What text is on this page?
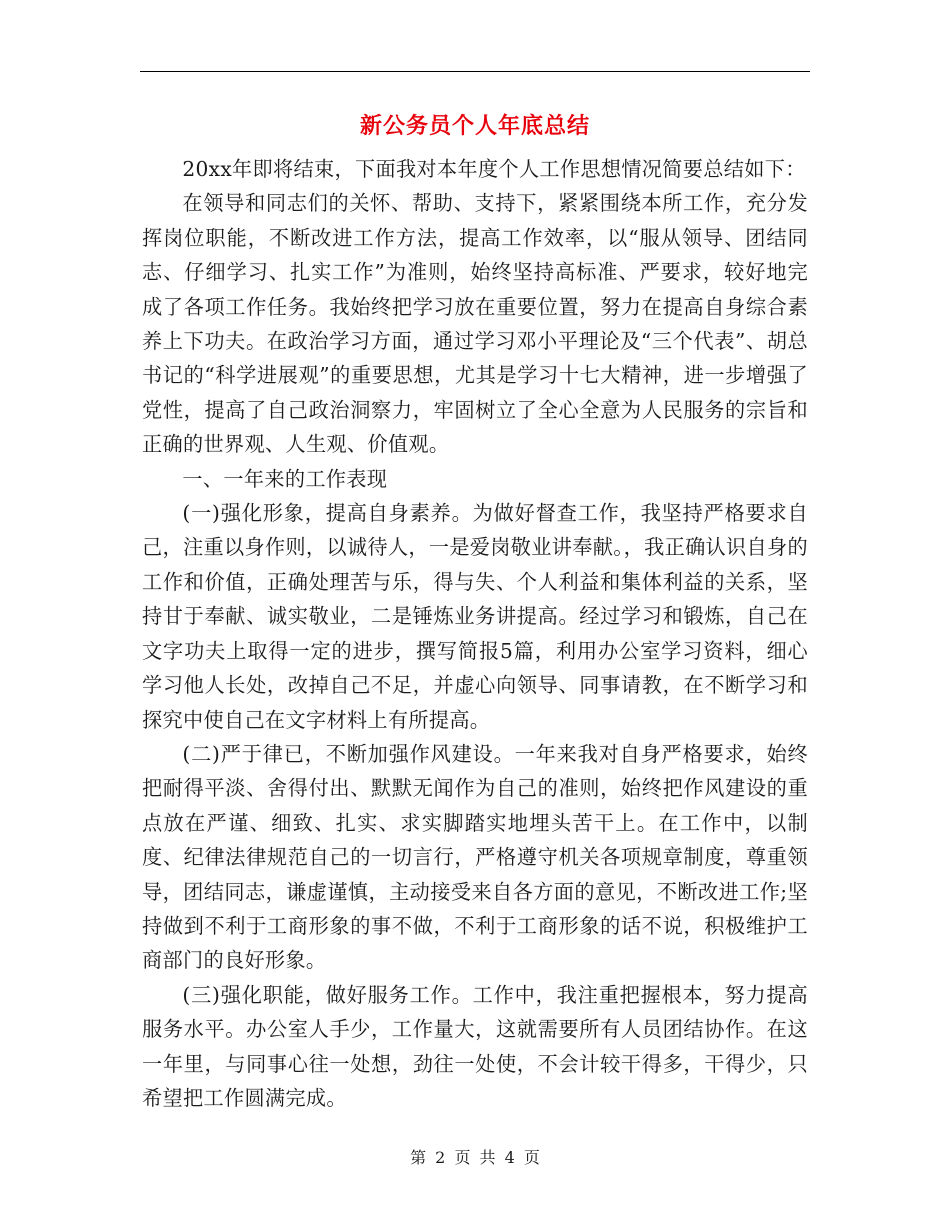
新公务员个人年底总结

20xx年即将结束，下面我对本年度个人工作思想情况简要总结如下：

在领导和同志们的关怀、帮助、支持下，紧紧围绕本所工作，充分发挥岗位职能，不断改进工作方法，提高工作效率，以“服从领导、团结同志、仔细学习、扎实工作”为准则，始终坚持高标准、严要求，较好地完成了各项工作任务。我始终把学习放在重要位置，努力在提高自身综合素养上下功夫。在政治学习方面，通过学习邓小平理论及“三个代表”、胡总书记的“科学进展观”的重要思想，尤其是学习十七大精神，进一步增强了党性，提高了自己政治洞察力，牢固树立了全心全意为人民服务的宗旨和正确的世界观、人生观、价值观。

一、一年来的工作表现

(一)强化形象，提高自身素养。为做好督查工作，我坚持严格要求自己，注重以身作则，以诚待人，一是爱岗敬业讲奉献。，我正确认识自身的工作和价值，正确处理苦与乐，得与失、个人利益和集体利益的关系，坚持甘于奉献、诚实敬业，二是锤炼业务讲提高。经过学习和锻炼，自己在文字功夫上取得一定的进步，撰写简报5篇，利用办公室学习资料，细心学习他人长处，改掉自己不足，并虚心向领导、同事请教，在不断学习和探究中使自己在文字材料上有所提高。

(二)严于律已，不断加强作风建设。一年来我对自身严格要求，始终把耐得平淡、舍得付出、默默无闻作为自己的准则，始终把作风建设的重点放在严谨、细致、扎实、求实脚踏实地埋头苦干上。在工作中，以制度、纪律法律规范自己的一切言行，严格遵守机关各项规章制度，尊重领导，团结同志，谦虚谨慎，主动接受来自各方面的意见，不断改进工作;坚持做到不利于工商形象的事不做，不利于工商形象的话不说，积极维护工商部门的良好形象。

(三)强化职能，做好服务工作。工作中，我注重把握根本，努力提高服务水平。办公室人手少，工作量大，这就需要所有人员团结协作。在这一年里，与同事心往一处想，劲往一处使，不会计较干得多，干得少，只希望把工作圆满完成。

第 2 页 共 4 页
